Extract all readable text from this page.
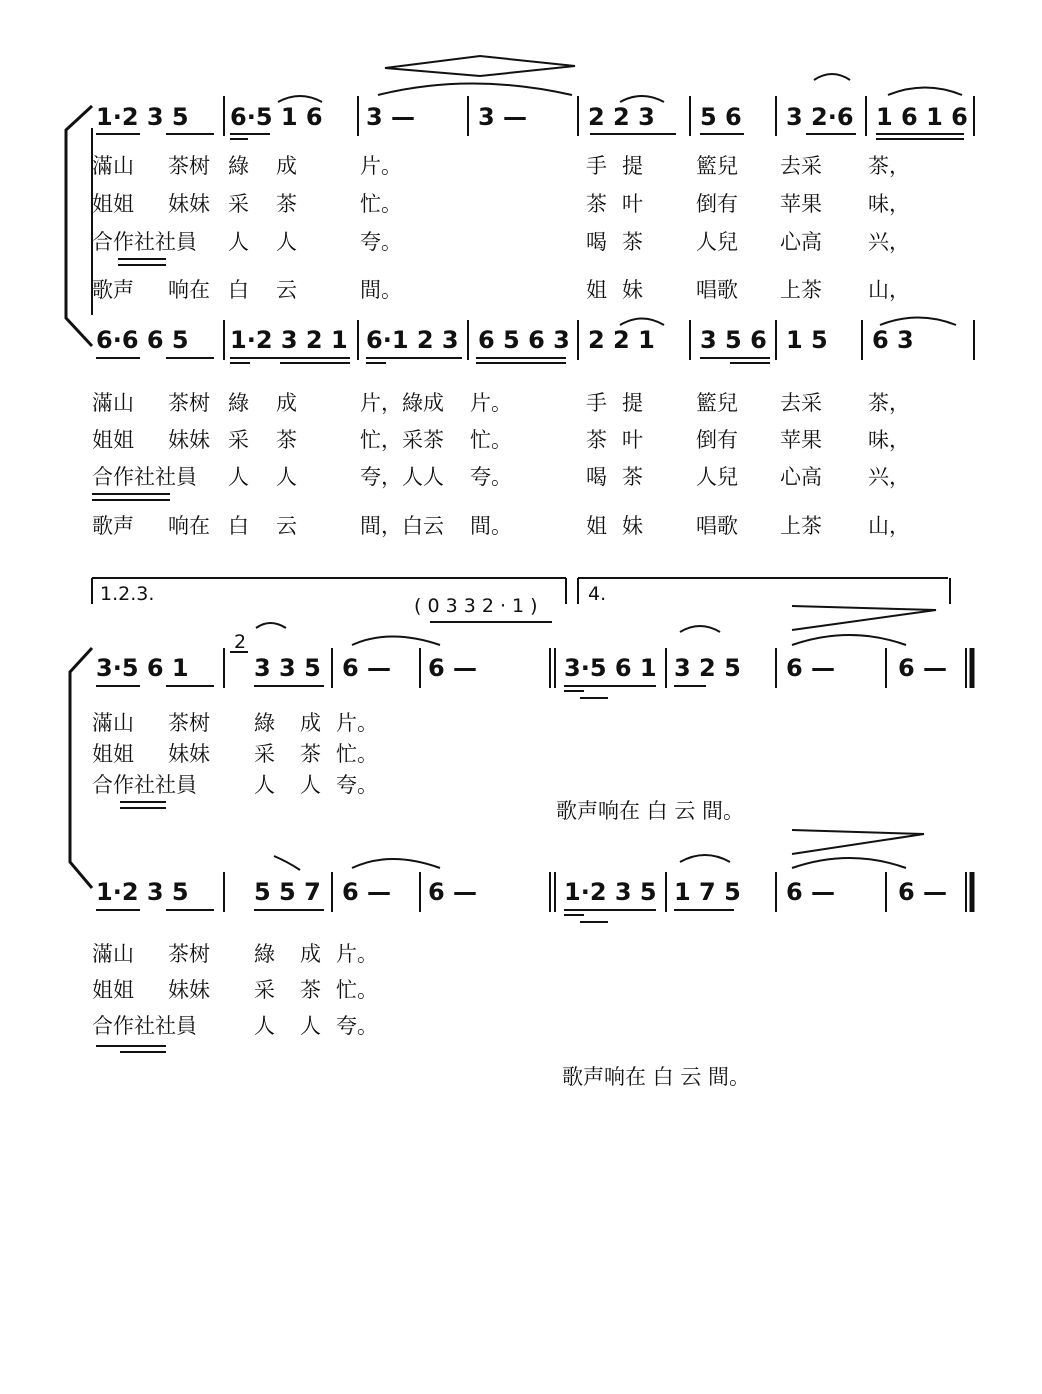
1·2 3 5 6·5 1 6 3 —	3 —	2 2 3 5 6 3 2·6 1 6 1 6
滿山 茶树 綠 成	片。	手 提	籃兒 去采 茶，
姐姐 妹妹 采 茶	忙。	茶 叶	倒有 苹果 味，
合作社社員 人 人	夸。	喝 茶	人兒 心高 兴，
歌声 响在 白 云	間。	姐 妹	唱歌 上茶 山，
6·6 6 5 1·2 3 2 1 6·1 2 3 6 5 6 3 2 2 1 3 5 6 1 5 6 3
滿山 茶树 綠 成	片，綠成 片。	手 提	籃兒 去采 茶，
姐姐 妹妹 采 茶	忙，采茶 忙。	茶 叶	倒有 苹果 味，
合作社社員 人 人	夸，人人 夸。	喝 茶	人兒 心高 兴，
歌声 响在 白 云	間，白云 間。	姐 妹	唱歌 上茶 山，
1.2.3.	4.
( 0 3 3 2 · 1 )
2
3·5 6 1	3 3 5 6 — 6 —	3·5 6 1 3 2 5 6 —	6 —
滿山 茶树 綠 成 片。
姐姐 妹妹 采 茶 忙。
合作社社員	人 人 夸。
歌声响在 白 云 間。
1·2 3 5	5 5 7 6 — 6 —	1·2 3 5 1 7 5 6 —	6 —
滿山 茶树 綠 成 片。
姐姐 妹妹 采 茶 忙。
合作社社員	人 人 夸。
歌声响在 白 云 間。
